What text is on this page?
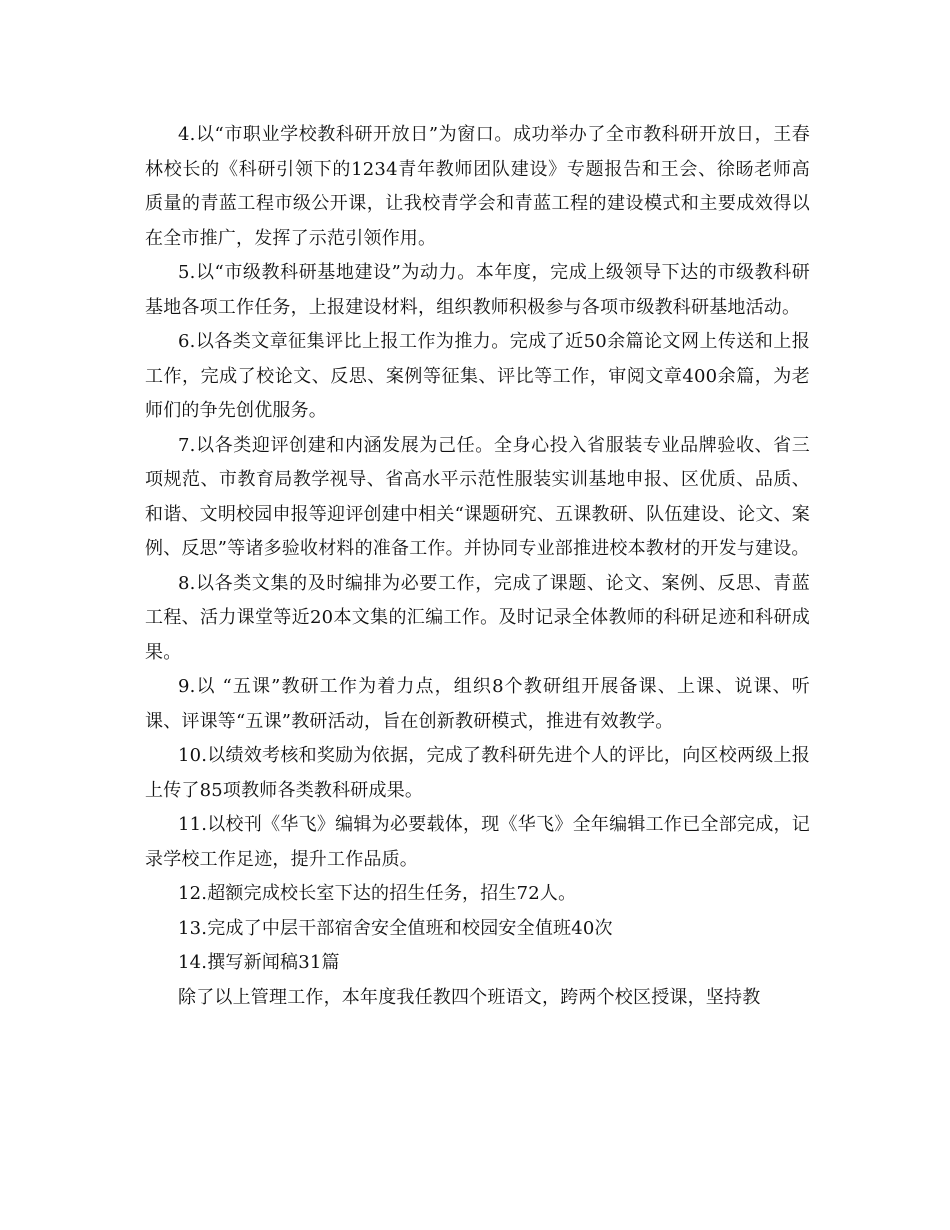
4.以“市职业学校教科研开放日”为窗口。成功举办了全市教科研开放日，王春林校长的《科研引领下的1234青年教师团队建设》专题报告和王会、徐旸老师高质量的青蓝工程市级公开课，让我校青学会和青蓝工程的建设模式和主要成效得以在全市推广，发挥了示范引领作用。

5.以“市级教科研基地建设”为动力。本年度，完成上级领导下达的市级教科研基地各项工作任务，上报建设材料，组织教师积极参与各项市级教科研基地活动。

6.以各类文章征集评比上报工作为推力。完成了近50余篇论文网上传送和上报工作，完成了校论文、反思、案例等征集、评比等工作，审阅文章400余篇，为老师们的争先创优服务。

7.以各类迎评创建和内涵发展为己任。全身心投入省服装专业品牌验收、省三项规范、市教育局教学视导、省高水平示范性服装实训基地申报、区优质、品质、和谐、文明校园申报等迎评创建中相关“课题研究、五课教研、队伍建设、论文、案例、反思”等诸多验收材料的准备工作。并协同专业部推进校本教材的开发与建设。

8.以各类文集的及时编排为必要工作，完成了课题、论文、案例、反思、青蓝工程、活力课堂等近20本文集的汇编工作。及时记录全体教师的科研足迹和科研成果。

9.以 “五课”教研工作为着力点，组织8个教研组开展备课、上课、说课、听课、评课等“五课”教研活动，旨在创新教研模式，推进有效教学。

10.以绩效考核和奖励为依据，完成了教科研先进个人的评比，向区校两级上报上传了85项教师各类教科研成果。

11.以校刊《华飞》编辑为必要载体，现《华飞》全年编辑工作已全部完成，记录学校工作足迹，提升工作品质。

12.超额完成校长室下达的招生任务，招生72人。

13.完成了中层干部宿舍安全值班和校园安全值班40次

14.撰写新闻稿31篇

除了以上管理工作，本年度我任教四个班语文，跨两个校区授课，坚持教
